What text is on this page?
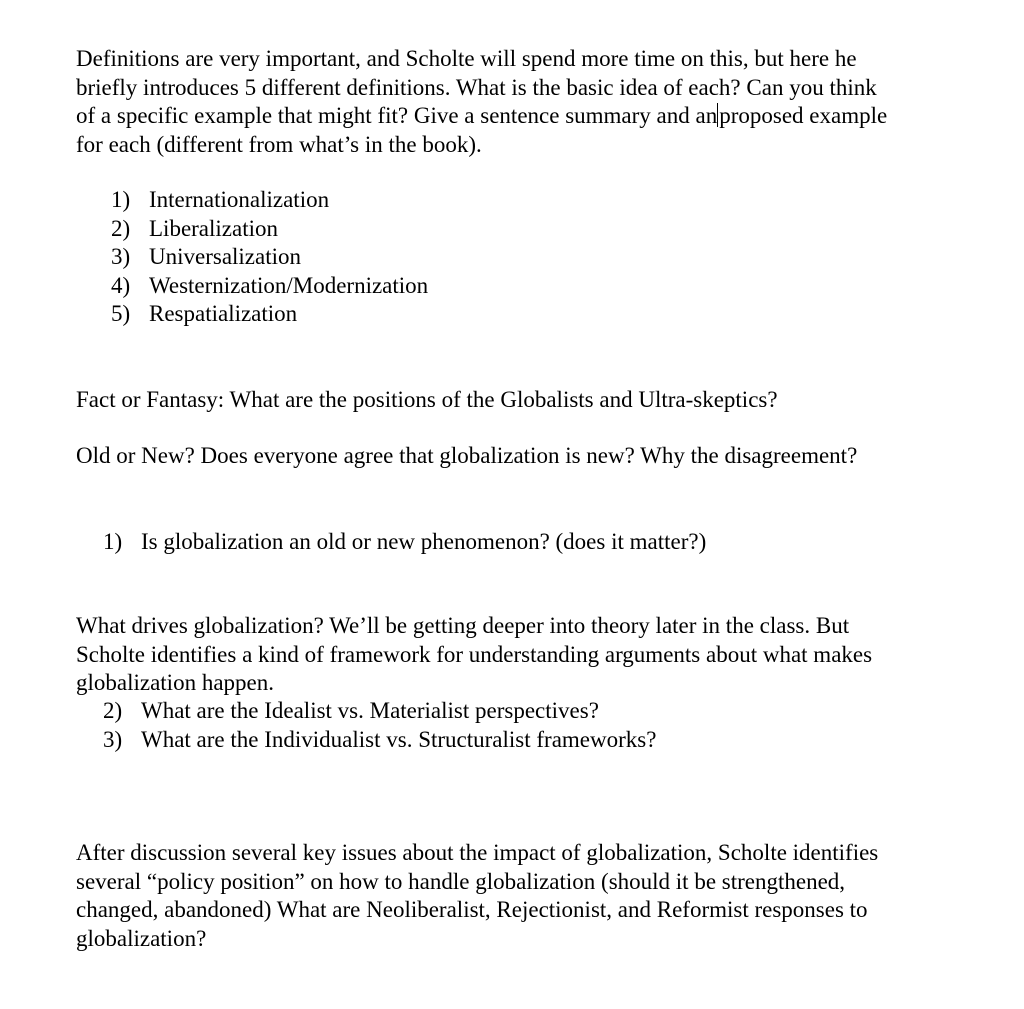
Definitions are very important, and Scholte will spend more time on this, but here he
briefly introduces 5 different definitions. What is the basic idea of each? Can you think
of a specific example that might fit? Give a sentence summary and anproposed example
for each (different from what’s in the book).

1) Internationalization
2) Liberalization
3) Universalization
4) Westernization/Modernization
5) Respatialization

Fact or Fantasy: What are the positions of the Globalists and Ultra-skeptics?

Old or New? Does everyone agree that globalization is new? Why the disagreement?

1) Is globalization an old or new phenomenon? (does it matter?)

What drives globalization? We’ll be getting deeper into theory later in the class. But
Scholte identifies a kind of framework for understanding arguments about what makes
globalization happen.

2) What are the Idealist vs. Materialist perspectives?
3) What are the Individualist vs. Structuralist frameworks?

After discussion several key issues about the impact of globalization, Scholte identifies
several “policy position” on how to handle globalization (should it be strengthened,
changed, abandoned) What are Neoliberalist, Rejectionist, and Reformist responses to
globalization?
